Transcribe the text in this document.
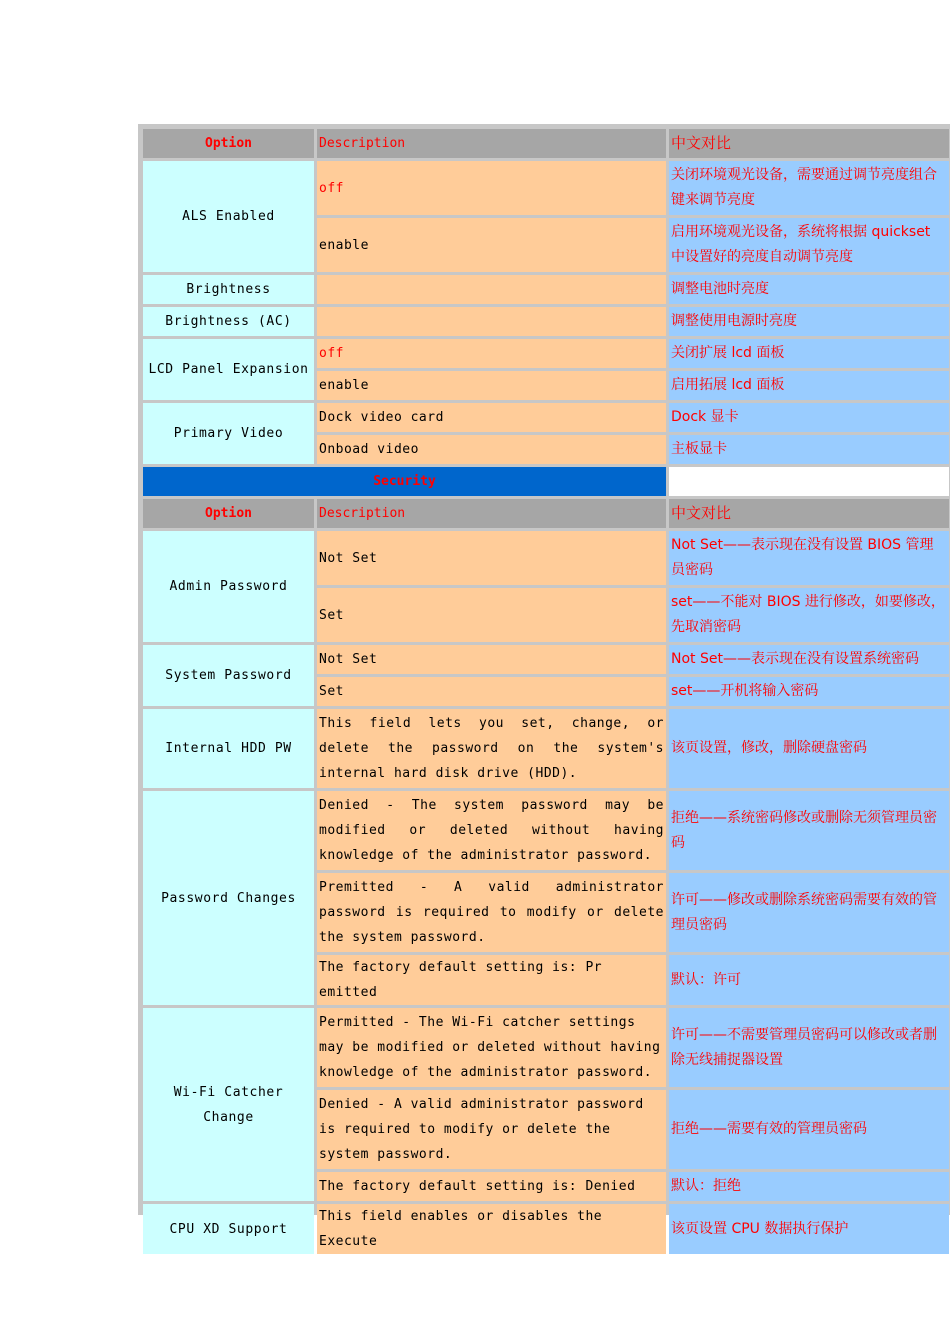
Option	Description	中文对比
ALS Enabled	off	关闭环境观光设备，需要通过调节亮度组合键来调节亮度
	enable	启用环境观光设备，系统将根据 quickset 中设置好的亮度自动调节亮度
Brightness		调整电池时亮度
Brightness (AC)		调整使用电源时亮度
LCD Panel Expansion	off	关闭扩展 lcd 面板
	enable	启用拓展 lcd 面板
Primary Video	Dock video card	Dock 显卡
	Onboad video	主板显卡
Security		
Option	Description	中文对比
Admin Password	Not Set	Not Set——表示现在没有设置 BIOS 管理员密码
	Set	set——不能对 BIOS 进行修改，如要修改，先取消密码
System Password	Not Set	Not Set——表示现在没有设置系统密码
	Set	set——开机将输入密码
Internal HDD PW	This field lets you set, change, or delete the password on the system's internal hard disk drive (HDD).	该页设置，修改，删除硬盘密码
Password Changes	Denied - The system password may be modified or deleted without having knowledge of the administrator password.	拒绝——系统密码修改或删除无须管理员密码
	Premitted - A valid administrator password is required to modify or delete the system password.	许可——修改或删除系统密码需要有效的管理员密码
	The factory default setting is: Pr emitted	默认：许可
Wi-Fi Catcher Change	Permitted - The Wi-Fi catcher settings may be modified or deleted without having knowledge of the administrator password.	许可——不需要管理员密码可以修改或者删除无线捕捉器设置
	Denied - A valid administrator password is required to modify or delete the system password.	拒绝——需要有效的管理员密码
	The factory default setting is: Denied	默认：拒绝
CPU XD Support	This field enables or disables the Execute	该页设置 CPU 数据执行保护
